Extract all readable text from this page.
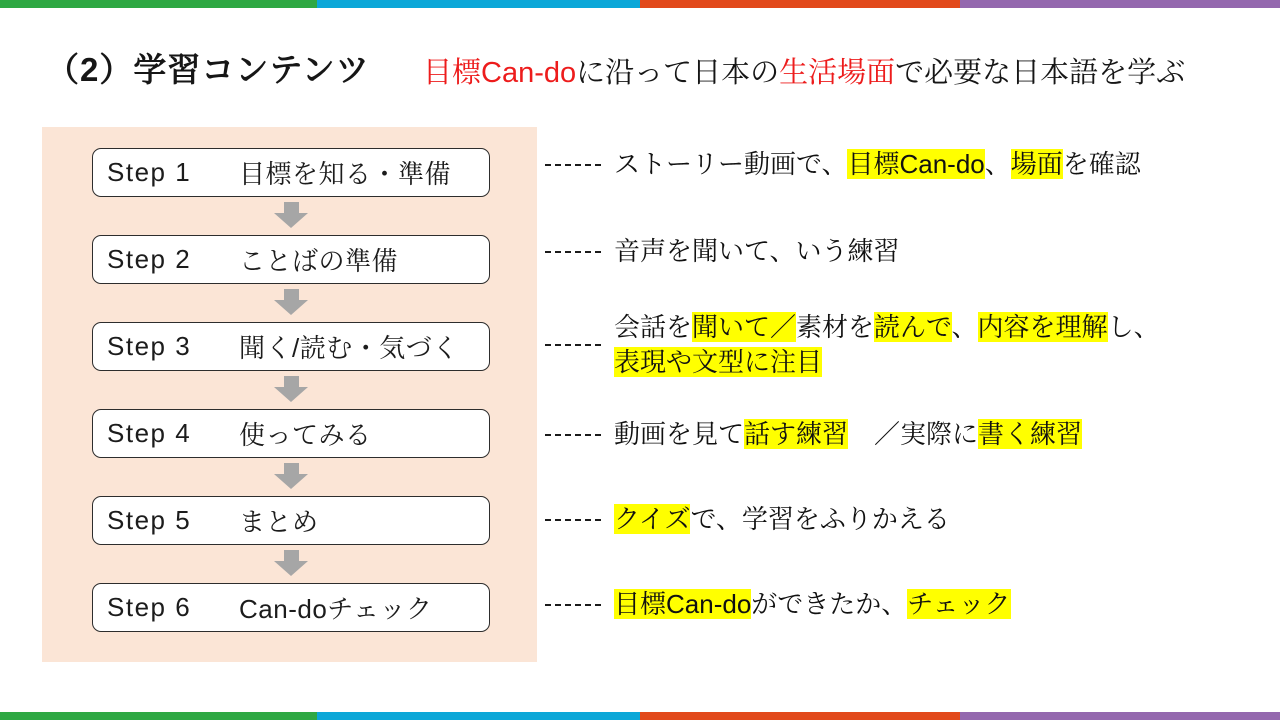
（2）学習コンテンツ 目標Can-doに沿って日本の生活場面で必要な日本語を学ぶ
Step 1	目標を知る・準備
Step 2	ことばの準備
Step 3	聞く/読む・気づく
Step 4	使ってみる
Step 5	まとめ
Step 6	Can-doチェック
ストーリー動画で、目標Can-do、場面を確認
音声を聞いて、いう練習
会話を聞いて／素材を読んで、内容を理解し、
表現や文型に注目
動画を見て話す練習　／実際に書く練習
クイズで、学習をふりかえる
目標Can-doができたか、チェック
